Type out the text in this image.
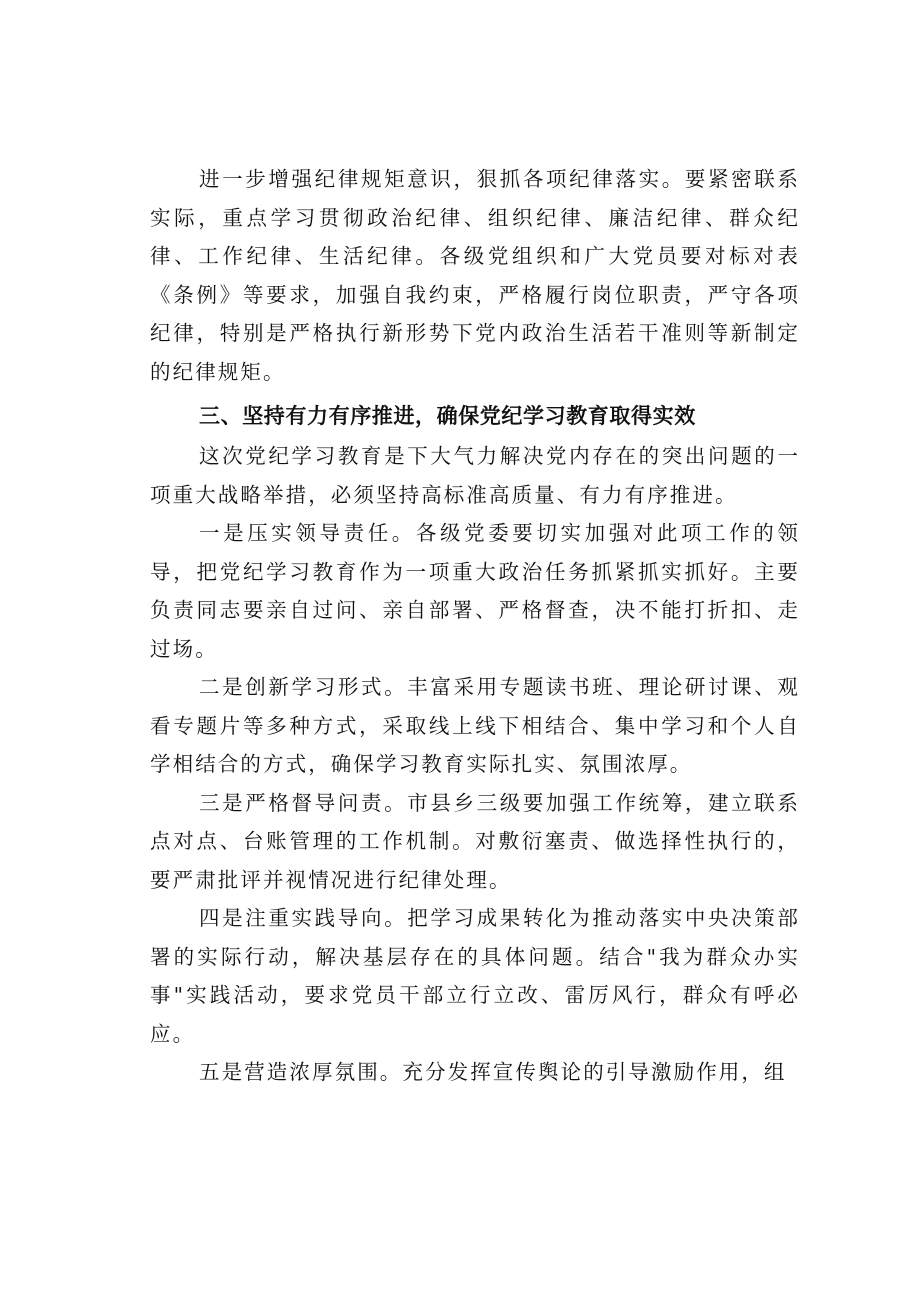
进一步增强纪律规矩意识，狠抓各项纪律落实。要紧密联系实际，重点学习贯彻政治纪律、组织纪律、廉洁纪律、群众纪律、工作纪律、生活纪律。各级党组织和广大党员要对标对表《条例》等要求，加强自我约束，严格履行岗位职责，严守各项纪律，特别是严格执行新形势下党内政治生活若干准则等新制定的纪律规矩。

三、坚持有力有序推进，确保党纪学习教育取得实效

这次党纪学习教育是下大气力解决党内存在的突出问题的一项重大战略举措，必须坚持高标准高质量、有力有序推进。

一是压实领导责任。各级党委要切实加强对此项工作的领导，把党纪学习教育作为一项重大政治任务抓紧抓实抓好。主要负责同志要亲自过问、亲自部署、严格督查，决不能打折扣、走过场。

二是创新学习形式。丰富采用专题读书班、理论研讨课、观看专题片等多种方式，采取线上线下相结合、集中学习和个人自学相结合的方式，确保学习教育实际扎实、氛围浓厚。

三是严格督导问责。市县乡三级要加强工作统筹，建立联系点对点、台账管理的工作机制。对敷衍塞责、做选择性执行的，要严肃批评并视情况进行纪律处理。

四是注重实践导向。把学习成果转化为推动落实中央决策部署的实际行动，解决基层存在的具体问题。结合"我为群众办实事"实践活动，要求党员干部立行立改、雷厉风行，群众有呼必应。

五是营造浓厚氛围。充分发挥宣传舆论的引导激励作用，组
